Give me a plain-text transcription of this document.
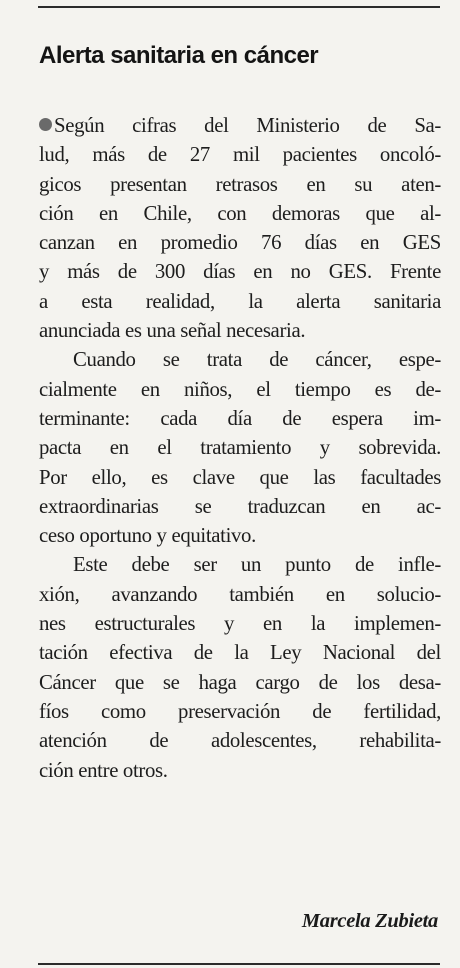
Alerta sanitaria en cáncer
Según cifras del Ministerio de Sa-
lud, más de 27 mil pacientes oncoló-
gicos presentan retrasos en su aten-
ción en Chile, con demoras que al-
canzan en promedio 76 días en GES
y más de 300 días en no GES. Frente
a esta realidad, la alerta sanitaria
anunciada es una señal necesaria.
Cuando se trata de cáncer, espe-
cialmente en niños, el tiempo es de-
terminante: cada día de espera im-
pacta en el tratamiento y sobrevida.
Por ello, es clave que las facultades
extraordinarias se traduzcan en ac-
ceso oportuno y equitativo.
Este debe ser un punto de infle-
xión, avanzando también en solucio-
nes estructurales y en la implemen-
tación efectiva de la Ley Nacional del
Cáncer que se haga cargo de los desa-
fíos como preservación de fertilidad,
atención de adolescentes, rehabilita-
ción entre otros.
Marcela Zubieta
